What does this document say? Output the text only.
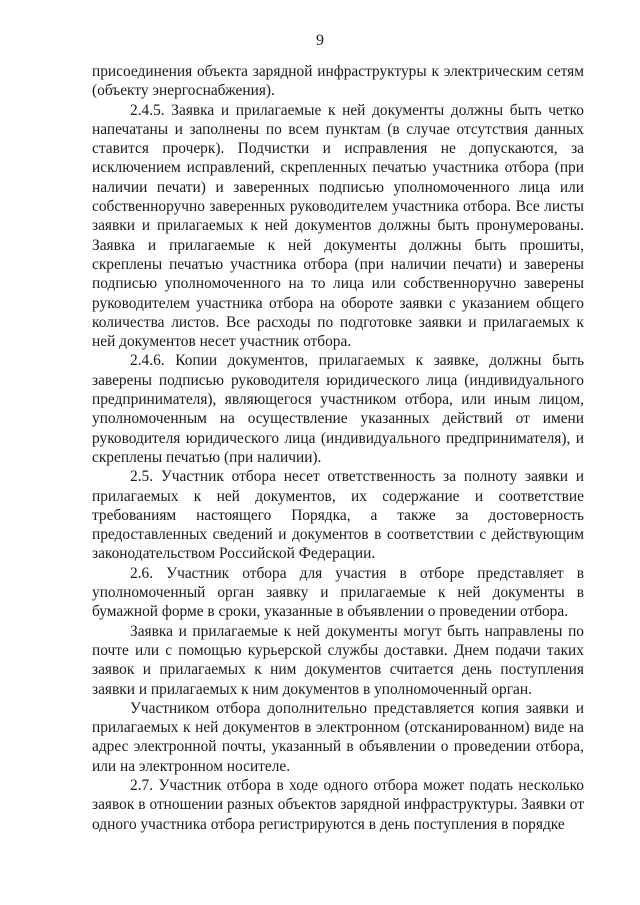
9

присоединения объекта зарядной инфраструктуры к электрическим сетям (объекту энергоснабжения).

2.4.5. Заявка и прилагаемые к ней документы должны быть четко напечатаны и заполнены по всем пунктам (в случае отсутствия данных ставится прочерк). Подчистки и исправления не допускаются, за исключением исправлений, скрепленных печатью участника отбора (при наличии печати) и заверенных подписью уполномоченного лица или собственноручно заверенных руководителем участника отбора. Все листы заявки и прилагаемых к ней документов должны быть пронумерованы. Заявка и прилагаемые к ней документы должны быть прошиты, скреплены печатью участника отбора (при наличии печати) и заверены подписью уполномоченного на то лица или собственноручно заверены руководителем участника отбора на обороте заявки с указанием общего количества листов. Все расходы по подготовке заявки и прилагаемых к ней документов несет участник отбора.

2.4.6. Копии документов, прилагаемых к заявке, должны быть заверены подписью руководителя юридического лица (индивидуального предпринимателя), являющегося участником отбора, или иным лицом, уполномоченным на осуществление указанных действий от имени руководителя юридического лица (индивидуального предпринимателя), и скреплены печатью (при наличии).

2.5. Участник отбора несет ответственность за полноту заявки и прилагаемых к ней документов, их содержание и соответствие требованиям настоящего Порядка, а также за достоверность предоставленных сведений и документов в соответствии с действующим законодательством Российской Федерации.

2.6. Участник отбора для участия в отборе представляет в уполномоченный орган заявку и прилагаемые к ней документы в бумажной форме в сроки, указанные в объявлении о проведении отбора.

Заявка и прилагаемые к ней документы могут быть направлены по почте или с помощью курьерской службы доставки. Днем подачи таких заявок и прилагаемых к ним документов считается день поступления заявки и прилагаемых к ним документов в уполномоченный орган.

Участником отбора дополнительно представляется копия заявки и прилагаемых к ней документов в электронном (отсканированном) виде на адрес электронной почты, указанный в объявлении о проведении отбора, или на электронном носителе.

2.7. Участник отбора в ходе одного отбора может подать несколько заявок в отношении разных объектов зарядной инфраструктуры. Заявки от одного участника отбора регистрируются в день поступления в порядке
